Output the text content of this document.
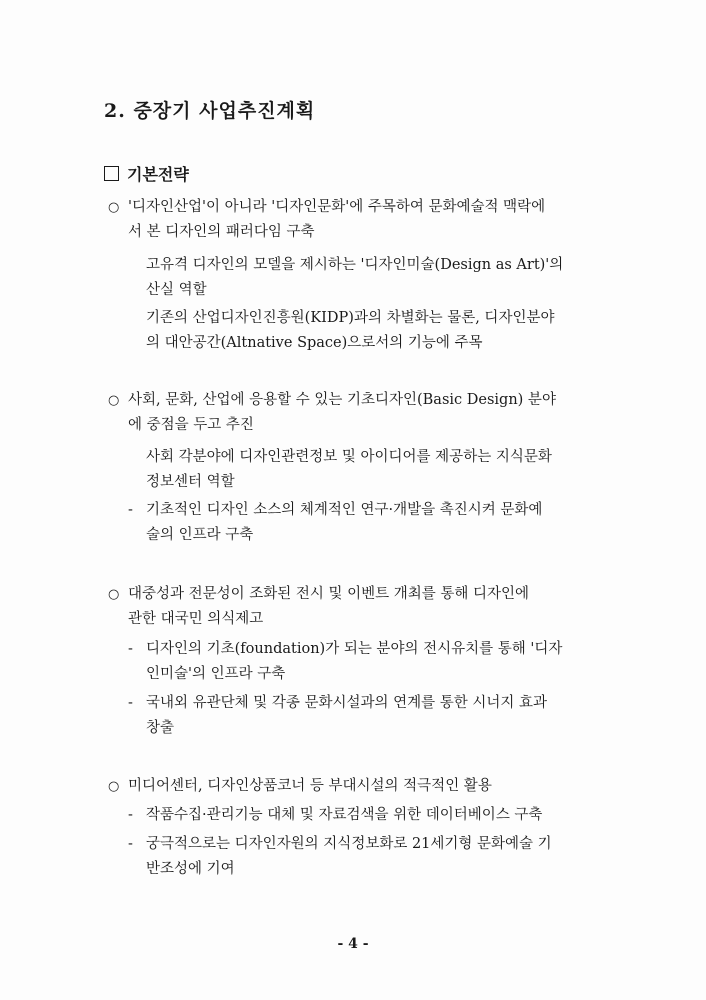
2. 중장기 사업추진계획
기본전략
○ '디자인산업'이 아니라 '디자인문화'에 주목하여 문화예술적 맥락에
서 본 디자인의 패러다임 구축
고유격 디자인의 모델을 제시하는 '디자인미술(Design as Art)'의
산실 역할
기존의 산업디자인진흥원(KIDP)과의 차별화는 물론, 디자인분야
의 대안공간(Altnative Space)으로서의 기능에 주목
○ 사회, 문화, 산업에 응용할 수 있는 기초디자인(Basic Design) 분야
에 중점을 두고 추진
사회 각분야에 디자인관련정보 및 아이디어를 제공하는 지식문화
정보센터 역할
- 기초적인 디자인 소스의 체계적인 연구·개발을 촉진시켜 문화예
술의 인프라 구축
○ 대중성과 전문성이 조화된 전시 및 이벤트 개최를 통해 디자인에
관한 대국민 의식제고
- 디자인의 기초(foundation)가 되는 분야의 전시유치를 통해 '디자
인미술'의 인프라 구축
- 국내외 유관단체 및 각종 문화시설과의 연계를 통한 시너지 효과
창출
○ 미디어센터, 디자인상품코너 등 부대시설의 적극적인 활용
- 작품수집·관리기능 대체 및 자료검색을 위한 데이터베이스 구축
- 궁극적으로는 디자인자원의 지식정보화로 21세기형 문화예술 기
반조성에 기여
- 4 -
